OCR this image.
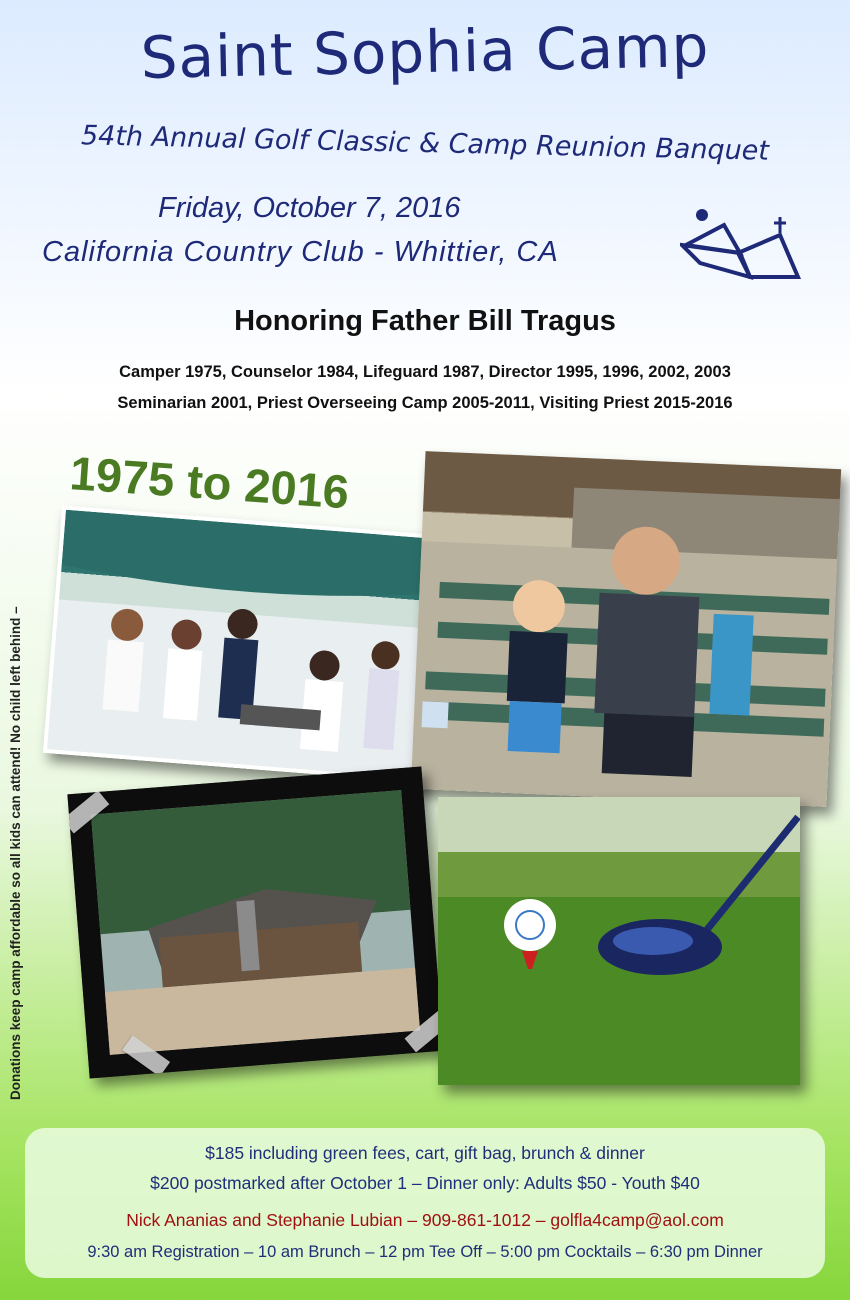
Saint Sophia Camp
54th Annual Golf Classic & Camp Reunion Banquet
Friday, October 7, 2016
California Country Club - Whittier, CA
Honoring Father Bill Tragus
Camper 1975, Counselor 1984, Lifeguard 1987, Director 1995, 1996, 2002, 2003
Seminarian 2001, Priest Overseeing Camp 2005-2011, Visiting Priest 2015-2016
Donations keep camp affordable so all kids can attend! No child left behind –
1975 to 2016
$185 including green fees, cart, gift bag, brunch & dinner
$200 postmarked after October 1 – Dinner only: Adults $50 - Youth $40
Nick Ananias and Stephanie Lubian – 909-861-1012 – golfla4camp@aol.com
9:30 am Registration – 10 am Brunch – 12 pm Tee Off – 5:00 pm Cocktails – 6:30 pm Dinner
